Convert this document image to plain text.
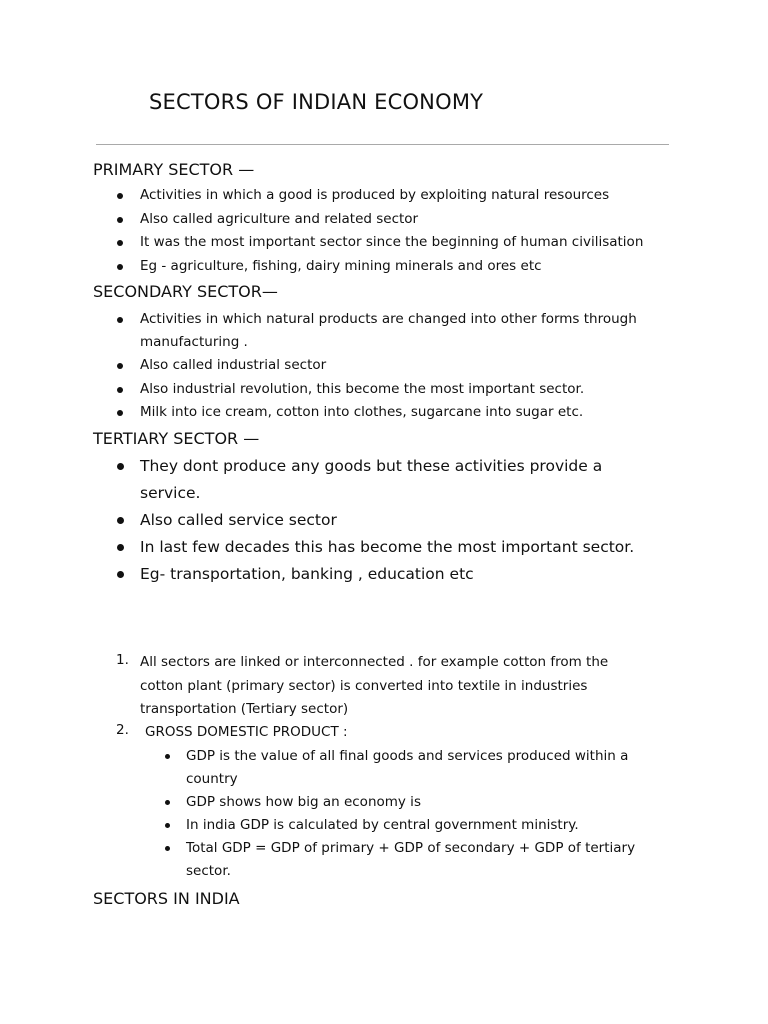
SECTORS OF INDIAN ECONOMY
PRIMARY SECTOR —
Activities in which a good is produced by exploiting natural resources
Also called agriculture and related sector
It was the most important sector since the beginning of human civilisation
Eg - agriculture, fishing, dairy mining minerals and ores etc
SECONDARY SECTOR—
Activities in which natural products are changed into other forms through manufacturing .
Also called industrial sector
Also industrial revolution, this become the most important sector.
Milk into ice cream, cotton into clothes, sugarcane into sugar etc.
TERTIARY SECTOR —
They dont produce any goods but these activities provide a service.
Also called service sector
In last few decades this has become the most important sector.
Eg- transportation, banking , education etc
1. All sectors are linked or interconnected . for example cotton from the cotton plant (primary sector) is converted into textile in industries transportation (Tertiary sector)
2. GROSS DOMESTIC PRODUCT :
GDP is the value of all final goods and services produced within a country
GDP shows how big an economy is
In india GDP is calculated by central government ministry.
Total GDP = GDP of primary + GDP of secondary + GDP of tertiary sector.
SECTORS IN INDIA
